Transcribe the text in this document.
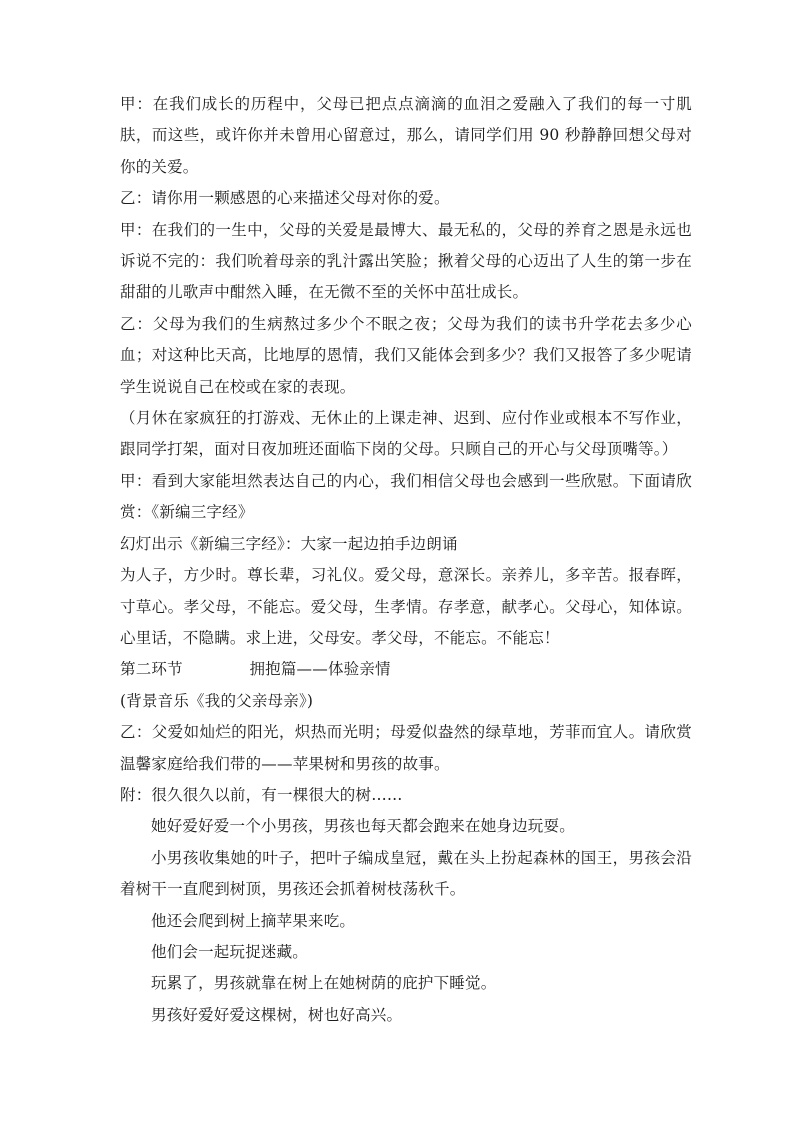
甲：在我们成长的历程中，父母已把点点滴滴的血泪之爱融入了我们的每一寸肌肤，而这些，或许你并未曾用心留意过，那么，请同学们用 90 秒静静回想父母对你的关爱。

乙：请你用一颗感恩的心来描述父母对你的爱。

甲：在我们的一生中，父母的关爱是最博大、最无私的，父母的养育之恩是永远也诉说不完的：我们吮着母亲的乳汁露出笑脸；揪着父母的心迈出了人生的第一步在甜甜的儿歌声中酣然入睡，在无微不至的关怀中茁壮成长。

乙：父母为我们的生病熬过多少个不眠之夜；父母为我们的读书升学花去多少心血；对这种比天高，比地厚的恩情，我们又能体会到多少？我们又报答了多少呢请学生说说自己在校或在家的表现。

（月休在家疯狂的打游戏、无休止的上课走神、迟到、应付作业或根本不写作业，跟同学打架，面对日夜加班还面临下岗的父母。只顾自己的开心与父母顶嘴等。）

甲：看到大家能坦然表达自己的内心，我们相信父母也会感到一些欣慰。下面请欣赏：《新编三字经》

幻灯出示《新编三字经》：大家一起边拍手边朗诵

为人子，方少时。尊长辈，习礼仪。爱父母，意深长。亲养儿，多辛苦。报春晖，寸草心。孝父母，不能忘。爱父母，生孝情。存孝意，献孝心。父母心，知体谅。心里话，不隐瞒。求上进，父母安。孝父母，不能忘。不能忘！

第二环节             拥抱篇——体验亲情

(背景音乐《我的父亲母亲》)

乙：父爱如灿烂的阳光，炽热而光明；母爱似盎然的绿草地，芳菲而宜人。请欣赏温馨家庭给我们带的——苹果树和男孩的故事。

附：很久很久以前，有一棵很大的树……

她好爱好爱一个小男孩，男孩也每天都会跑来在她身边玩耍。

小男孩收集她的叶子，把叶子编成皇冠，戴在头上扮起森林的国王，男孩会沿着树干一直爬到树顶，男孩还会抓着树枝荡秋千。

他还会爬到树上摘苹果来吃。

他们会一起玩捉迷藏。

玩累了，男孩就靠在树上在她树荫的庇护下睡觉。

男孩好爱好爱这棵树，树也好高兴。
